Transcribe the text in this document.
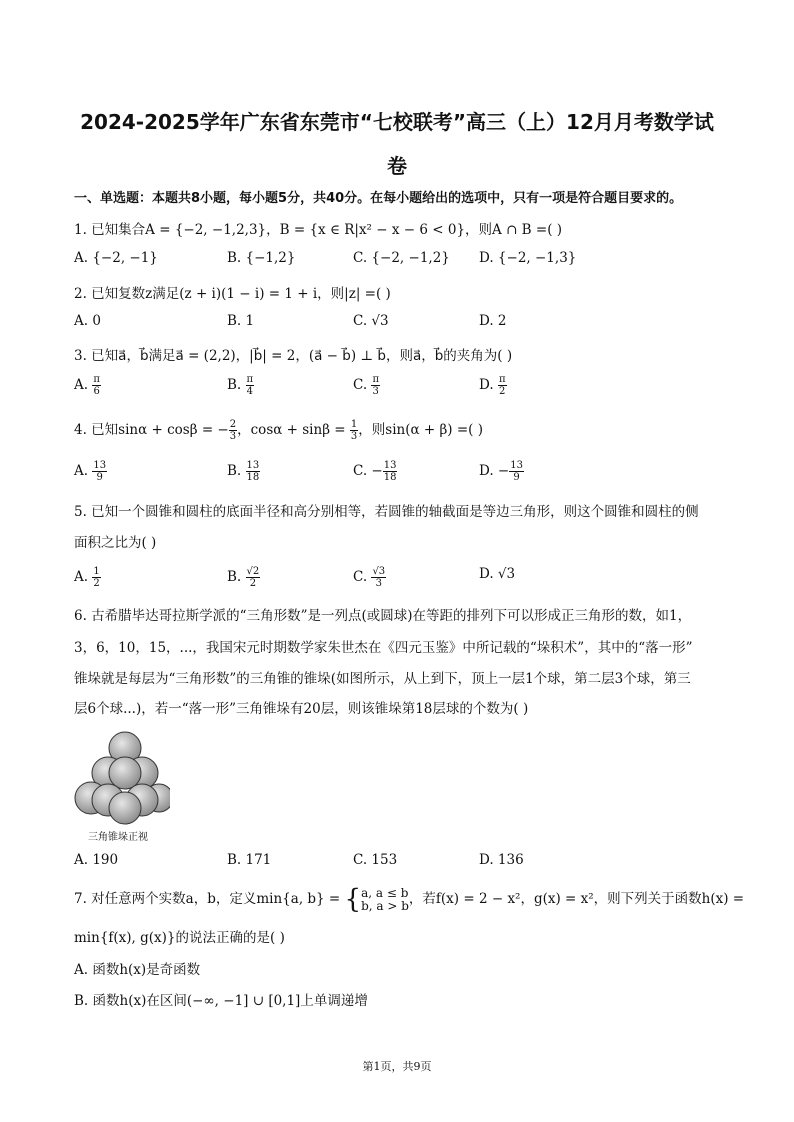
2024-2025学年广东省东莞市“七校联考”高三（上）12月月考数学试
卷
一、单选题：本题共8小题，每小题5分，共40分。在每小题给出的选项中，只有一项是符合题目要求的。
1. 已知集合A = {−2, −1,2,3}，B = {x ∈ R|x² − x − 6 < 0}，则A ∩ B =( )
A. {−2, −1}	B. {−1,2}	C. {−2, −1,2} D. {−2, −1,3}
2. 已知复数z满足(z + i)(1 − i) = 1 + i，则|z| =( )
A. 0	B. 1	C. √3	D. 2
3. 已知a⃗，b⃗满足a⃗ = (2,2)，|b⃗| = 2，(a⃗ − b⃗) ⊥ b⃗，则a⃗，b⃗的夹角为( )
A. $\frac{\pi}{6}$	B. $\frac{\pi}{4}$	C. $\frac{\pi}{3}$	D. $\frac{\pi}{2}$
4. 已知sinα + cosβ = − $\frac{2}{3}$ ，$\cos\alpha + \sin\beta = \frac{1}{3}$ ，则sin(α + β) =( )
A. $\frac{13}{9}$	B. $\frac{13}{18}$	C. − $\frac{13}{18}$	D. − $\frac{13}{9}$
5. 已知一个圆锥和圆柱的底面半径和高分别相等，若圆锥的轴截面是等边三角形，则这个圆锥和圆柱的侧
面积之比为( )
A. $\frac{1}{2}$	B. $\frac{√2}{2}$	C. $\frac{√3}{3}$	D. √3
6. 古希腊毕达哥拉斯学派的“三角形数”是一列点(或圆球)在等距的排列下可以形成正三角形的数，如1，
3，6，10，15，...，我国宋元时期数学家朱世杰在《四元玉鉴》中所记载的“垛积术”，其中的“落一形”
锥垛就是每层为“三角形数”的三角锥的锥垛(如图所示，从上到下，顶上一层1个球，第二层3个球，第三
层6个球...)，若一“落一形”三角锥垛有20层，则该锥垛第18层球的个数为( )
三角锥垛正视
A. 190	B. 171	C. 153	D. 136
7. 对任意两个实数a，b，定义min{a, b} = { a, a ≤ b
b, a > b ，若f(x) = 2 − x²，g(x) = x²，则下列关于函数h(x) =
min{f(x), g(x)}的说法正确的是( )
A. 函数h(x)是奇函数
B. 函数h(x)在区间(−∞, −1] ∪ [0,1]上单调递增
第1页，共9页
